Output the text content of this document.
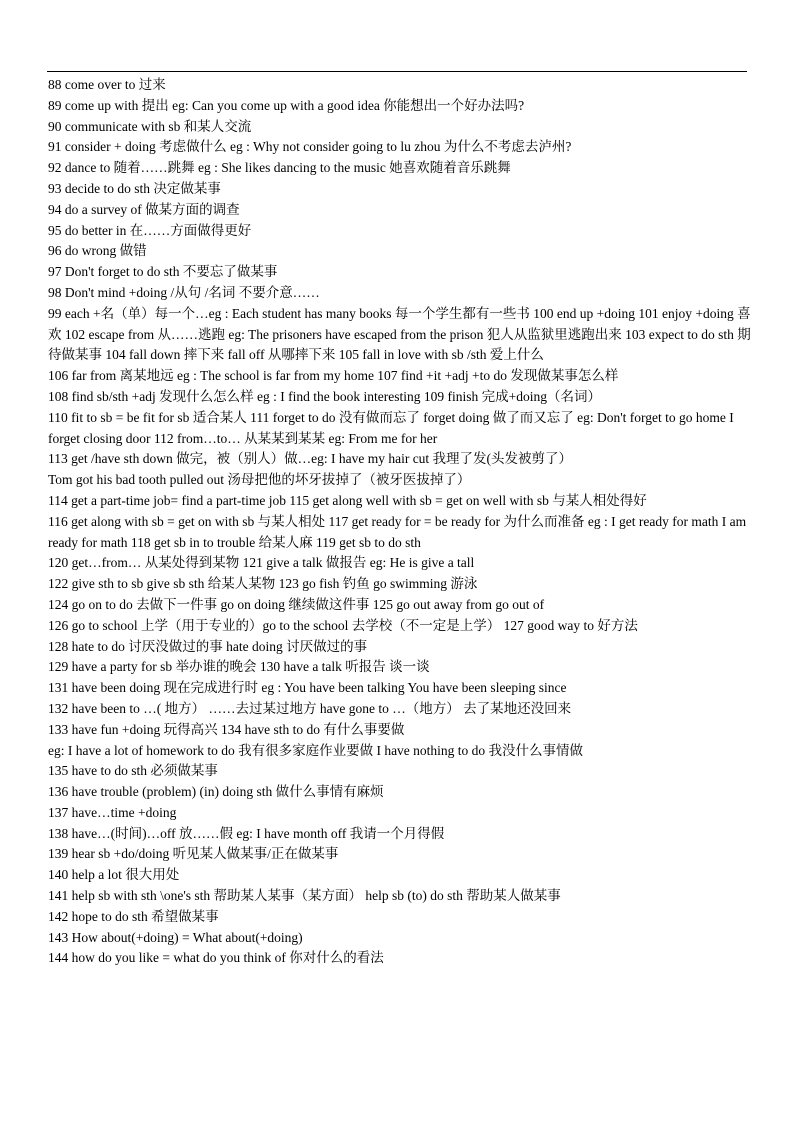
88 come over to 过来

89 come up with 提出 eg: Can you come up with a good idea 你能想出一个好办法吗?

90 communicate with sb 和某人交流

91 consider + doing 考虑做什么 eg : Why not consider going to lu zhou 为什么不考虑去泸州?

92 dance to 随着……跳舞 eg : She likes dancing to the music 她喜欢随着音乐跳舞

93 decide to do sth 决定做某事

94 do a survey of 做某方面的调查

95 do better in 在……方面做得更好

96 do wrong 做错

97 Don't forget to do sth 不要忘了做某事

98 Don't mind +doing /从句 /名词 不要介意……

99 each +名（单）每一个…eg : Each student has many books 每一个学生都有一些书 100 end up +doing 101 enjoy +doing 喜欢 102 escape from 从……逃跑 eg: The prisoners have escaped from the prison 犯人从监狱里逃跑出来 103 expect to do sth 期待做某事 104 fall down 摔下来 fall off 从哪摔下来 105 fall in love with sb /sth 爱上什么

106 far from 离某地远 eg : The school is far from my home 107 find +it +adj +to do 发现做某事怎么样

108 find sb/sth +adj 发现什么怎么样 eg : I find the book interesting 109 finish 完成+doing（名词）

110 fit to sb = be fit for sb 适合某人 111 forget to do 没有做而忘了 forget doing 做了而又忘了 eg: Don't forget to go home I forget closing door 112 from…to… 从某某到某某 eg: From me for her

113 get /have sth down 做完，被（别人）做…eg: I have my hair cut 我理了发(头发被剪了）

Tom got his bad tooth pulled out 汤母把他的坏牙拔掉了（被牙医拔掉了）

114 get a part-time job= find a part-time job 115 get along well with sb = get on well with sb 与某人相处得好

116 get along with sb = get on with sb 与某人相处 117 get ready for = be ready for 为什么而准备 eg : I get ready for math I am ready for math 118 get sb in to trouble 给某人麻 119 get sb to do sth

120 get…from… 从某处得到某物 121 give a talk 做报告 eg: He is give a tall

122 give sth to sb give sb sth 给某人某物 123 go fish 钓鱼 go swimming 游泳

124 go on to do 去做下一件事 go on doing 继续做这件事 125 go out away from go out of

126 go to school 上学（用于专业的）go to the school 去学校（不一定是上学） 127 good way to 好方法

128 hate to do 讨厌没做过的事 hate doing 讨厌做过的事

129 have a party for sb 举办谁的晚会 130 have a talk 听报告 谈一谈

131 have been doing 现在完成进行时 eg : You have been talking You have been sleeping since

132 have been to …( 地方） ……去过某过地方 have gone to …（地方） 去了某地还没回来

133 have fun +doing 玩得高兴 134 have sth to do 有什么事要做

eg: I have a lot of homework to do 我有很多家庭作业要做 I have nothing to do 我没什么事情做

135 have to do sth 必须做某事

136 have trouble (problem) (in) doing sth 做什么事情有麻烦

137 have…time +doing

138 have…(时间)…off 放……假 eg: I have month off 我请一个月得假

139 hear sb +do/doing 听见某人做某事/正在做某事

140 help a lot 很大用处

141 help sb with sth \one's sth 帮助某人某事（某方面） help sb (to) do sth 帮助某人做某事

142 hope to do sth 希望做某事

143 How about(+doing) = What about(+doing)

144 how do you like = what do you think of 你对什么的看法
